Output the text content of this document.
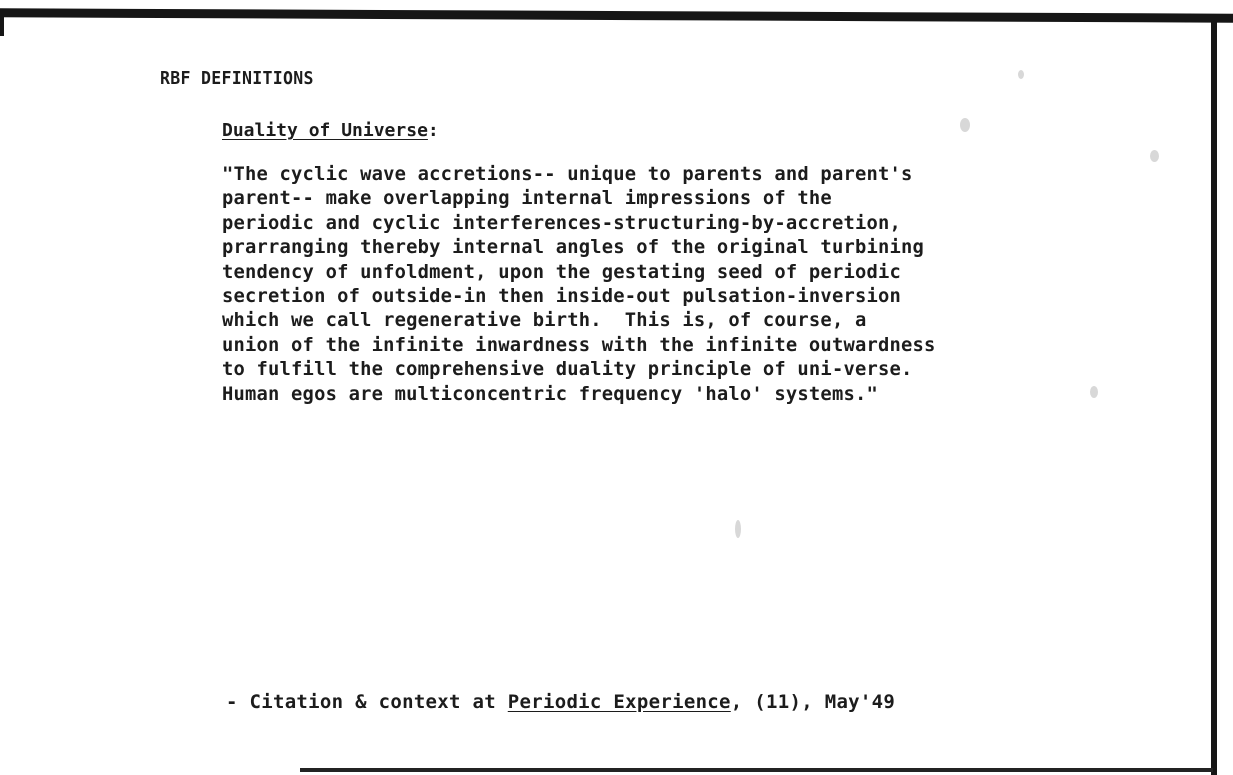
RBF DEFINITIONS
Duality of Universe:
"The cyclic wave accretions-- unique to parents and parent's
parent-- make overlapping internal impressions of the
periodic and cyclic interferences-structuring-by-accretion,
prarranging thereby internal angles of the original turbining
tendency of unfoldment, upon the gestating seed of periodic
secretion of outside-in then inside-out pulsation-inversion
which we call regenerative birth.  This is, of course, a
union of the infinite inwardness with the infinite outwardness
to fulfill the comprehensive duality principle of uni-verse.
Human egos are multiconcentric frequency 'halo' systems."
- Citation & context at Periodic Experience, (11), May'49
